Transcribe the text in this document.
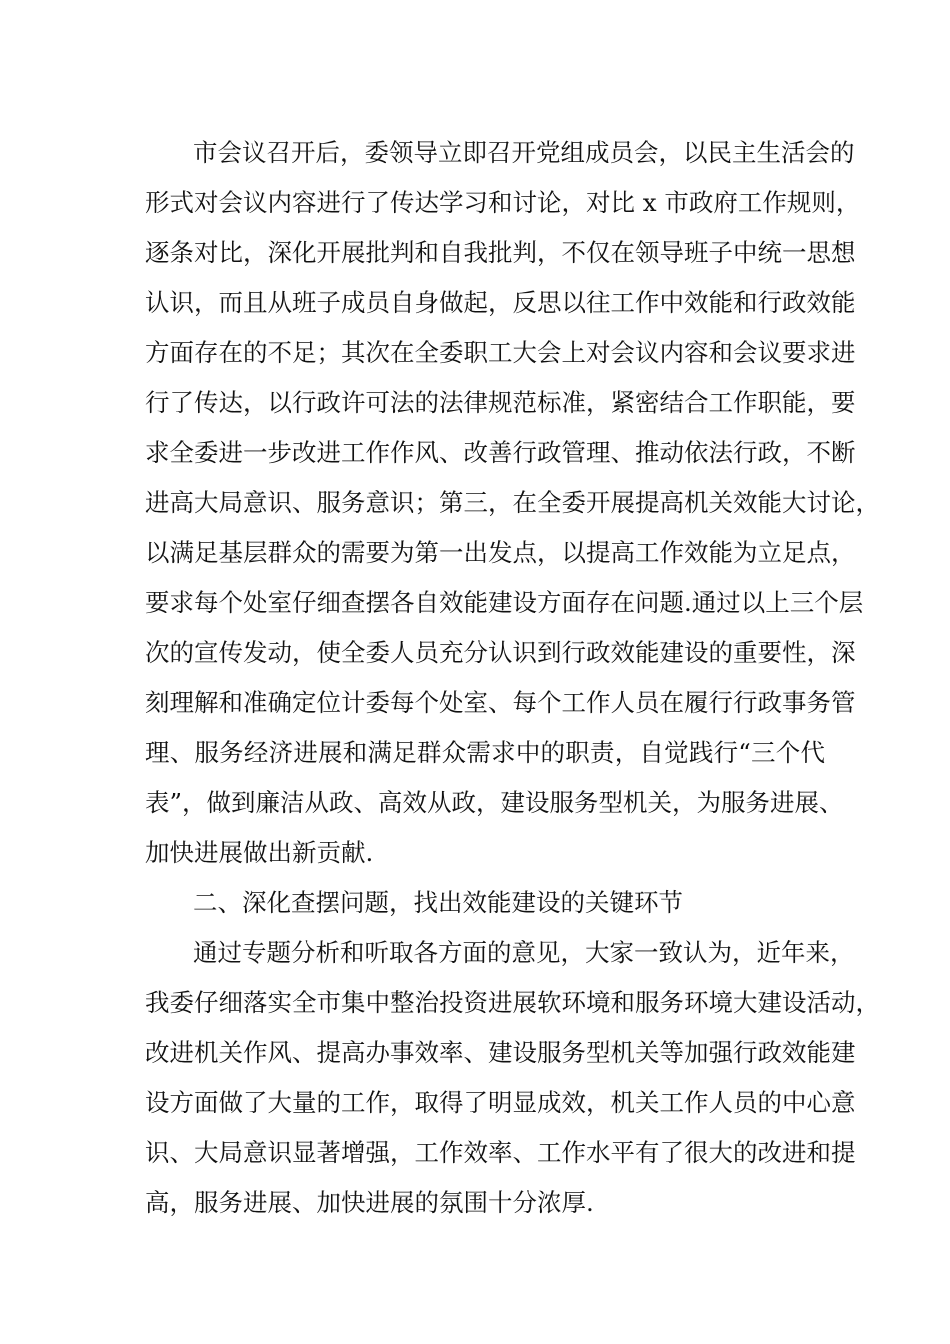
市会议召开后，委领导立即召开党组成员会，以民主生活会的
形式对会议内容进行了传达学习和讨论，对比 x 市政府工作规则，
逐条对比，深化开展批判和自我批判，不仅在领导班子中统一思想
认识，而且从班子成员自身做起，反思以往工作中效能和行政效能
方面存在的不足；其次在全委职工大会上对会议内容和会议要求进
行了传达，以行政许可法的法律规范标准，紧密结合工作职能，要
求全委进一步改进工作作风、改善行政管理、推动依法行政，不断
进高大局意识、服务意识；第三，在全委开展提高机关效能大讨论，
以满足基层群众的需要为第一出发点，以提高工作效能为立足点，
要求每个处室仔细查摆各自效能建设方面存在问题.通过以上三个层
次的宣传发动，使全委人员充分认识到行政效能建设的重要性，深
刻理解和准确定位计委每个处室、每个工作人员在履行行政事务管
理、服务经济进展和满足群众需求中的职责，自觉践行“三个代
表”，做到廉洁从政、高效从政，建设服务型机关，为服务进展、
加快进展做出新贡献.
二、深化查摆问题，找出效能建设的关键环节
通过专题分析和听取各方面的意见，大家一致认为，近年来，
我委仔细落实全市集中整治投资进展软环境和服务环境大建设活动，
改进机关作风、提高办事效率、建设服务型机关等加强行政效能建
设方面做了大量的工作，取得了明显成效，机关工作人员的中心意
识、大局意识显著增强，工作效率、工作水平有了很大的改进和提
高，服务进展、加快进展的氛围十分浓厚.
